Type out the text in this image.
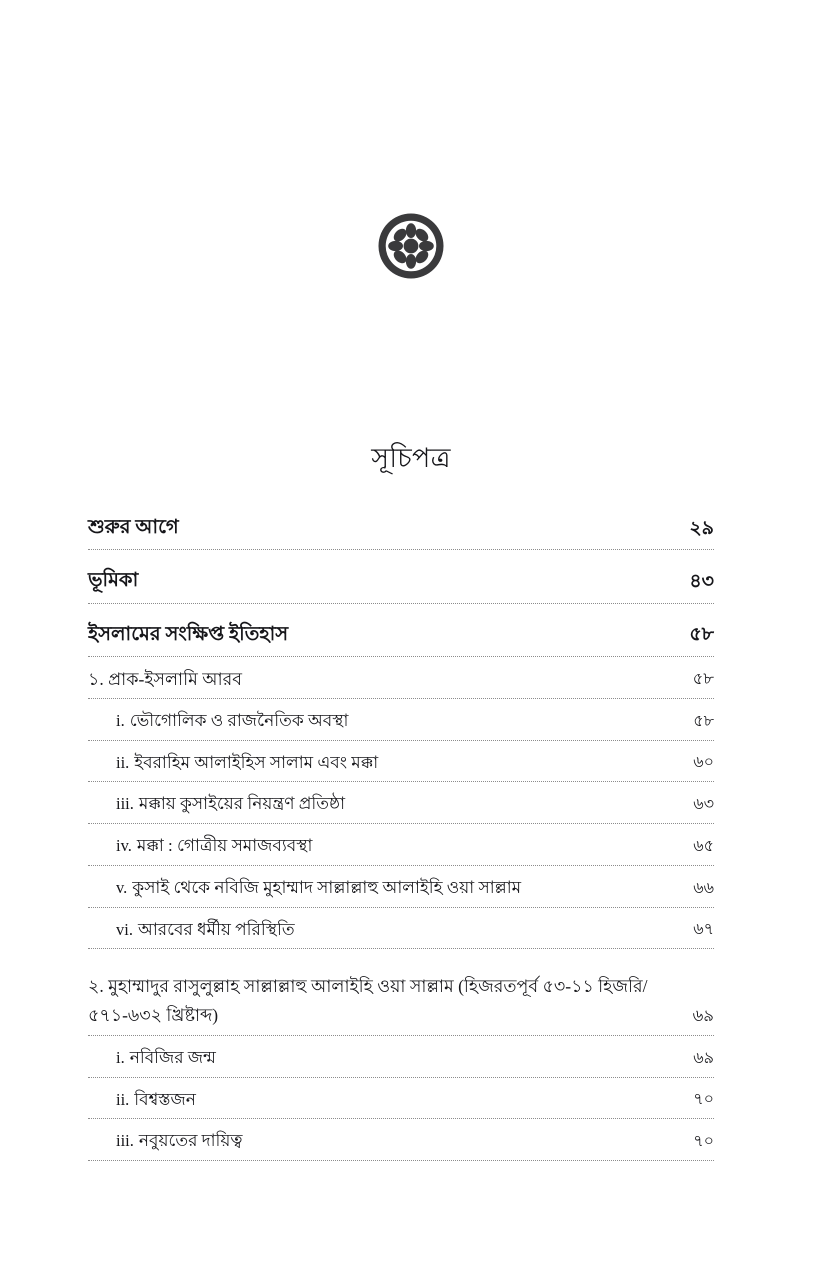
সূচিপত্র
শুরুর আগে	২৯
ভূমিকা	৪৩
ইসলামের সংক্ষিপ্ত ইতিহাস	৫৮
১. প্রাক-ইসলামি আরব	৫৮
i. ভৌগোলিক ও রাজনৈতিক অবস্থা	৫৮
ii. ইবরাহিম আলাইহিস সালাম এবং মক্কা	৬০
iii. মক্কায় কুসাইয়ের নিয়ন্ত্রণ প্রতিষ্ঠা	৬৩
iv. মক্কা : গোত্রীয় সমাজব্যবস্থা	৬৫
v. কুসাই থেকে নবিজি মুহাম্মাদ সাল্লাল্লাহু আলাইহি ওয়া সাল্লাম	৬৬
vi. আরবের ধর্মীয় পরিস্থিতি	৬৭
২. মুহাম্মাদুর রাসুলুল্লাহ সাল্লাল্লাহু আলাইহি ওয়া সাল্লাম (হিজরতপূর্ব ৫৩-১১ হিজরি/৫৭১-৬৩২ খ্রিষ্টাব্দ)	৬৯
i. নবিজির জন্ম	৬৯
ii. বিশ্বস্তজন	৭০
iii. নবুয়তের দায়িত্ব	৭০
